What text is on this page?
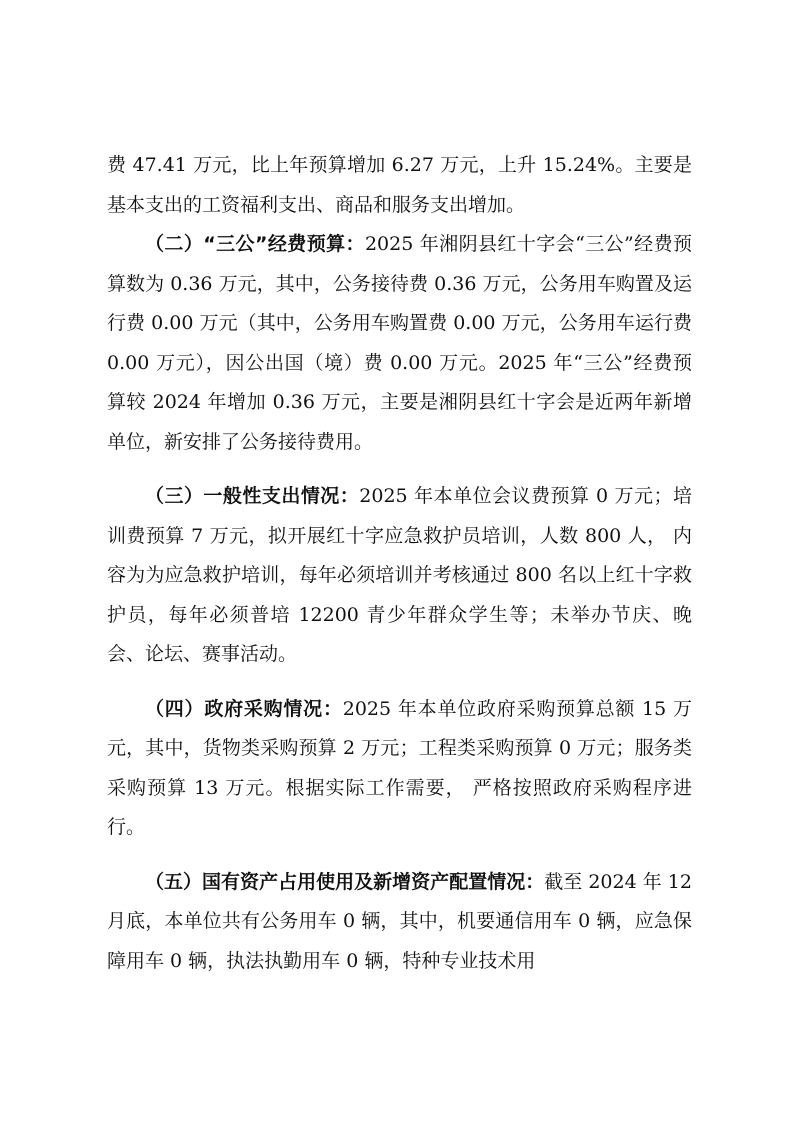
费 47.41 万元，比上年预算增加 6.27 万元，上升 15.24%。主要是基本支出的工资福利支出、商品和服务支出增加。

（二）“三公”经费预算：2025 年湘阴县红十字会“三公”经费预算数为 0.36 万元，其中，公务接待费 0.36 万元，公务用车购置及运行费 0.00 万元（其中，公务用车购置费 0.00 万元，公务用车运行费 0.00 万元），因公出国（境）费 0.00 万元。2025 年“三公”经费预算较 2024 年增加 0.36 万元，主要是湘阴县红十字会是近两年新增单位，新安排了公务接待费用。

（三）一般性支出情况：2025 年本单位会议费预算 0 万元；培训费预算 7 万元，拟开展红十字应急救护员培训，人数 800 人， 内容为为应急救护培训，每年必须培训并考核通过 800 名以上红十字救护员，每年必须普培 12200 青少年群众学生等；未举办节庆、晚会、论坛、赛事活动。

（四）政府采购情况：2025 年本单位政府采购预算总额 15 万元，其中，货物类采购预算 2 万元；工程类采购预算 0 万元；服务类采购预算 13 万元。根据实际工作需要， 严格按照政府采购程序进行。

（五）国有资产占用使用及新增资产配置情况：截至 2024 年 12 月底，本单位共有公务用车 0 辆，其中，机要通信用车 0 辆，应急保障用车 0 辆，执法执勤用车 0 辆，特种专业技术用
